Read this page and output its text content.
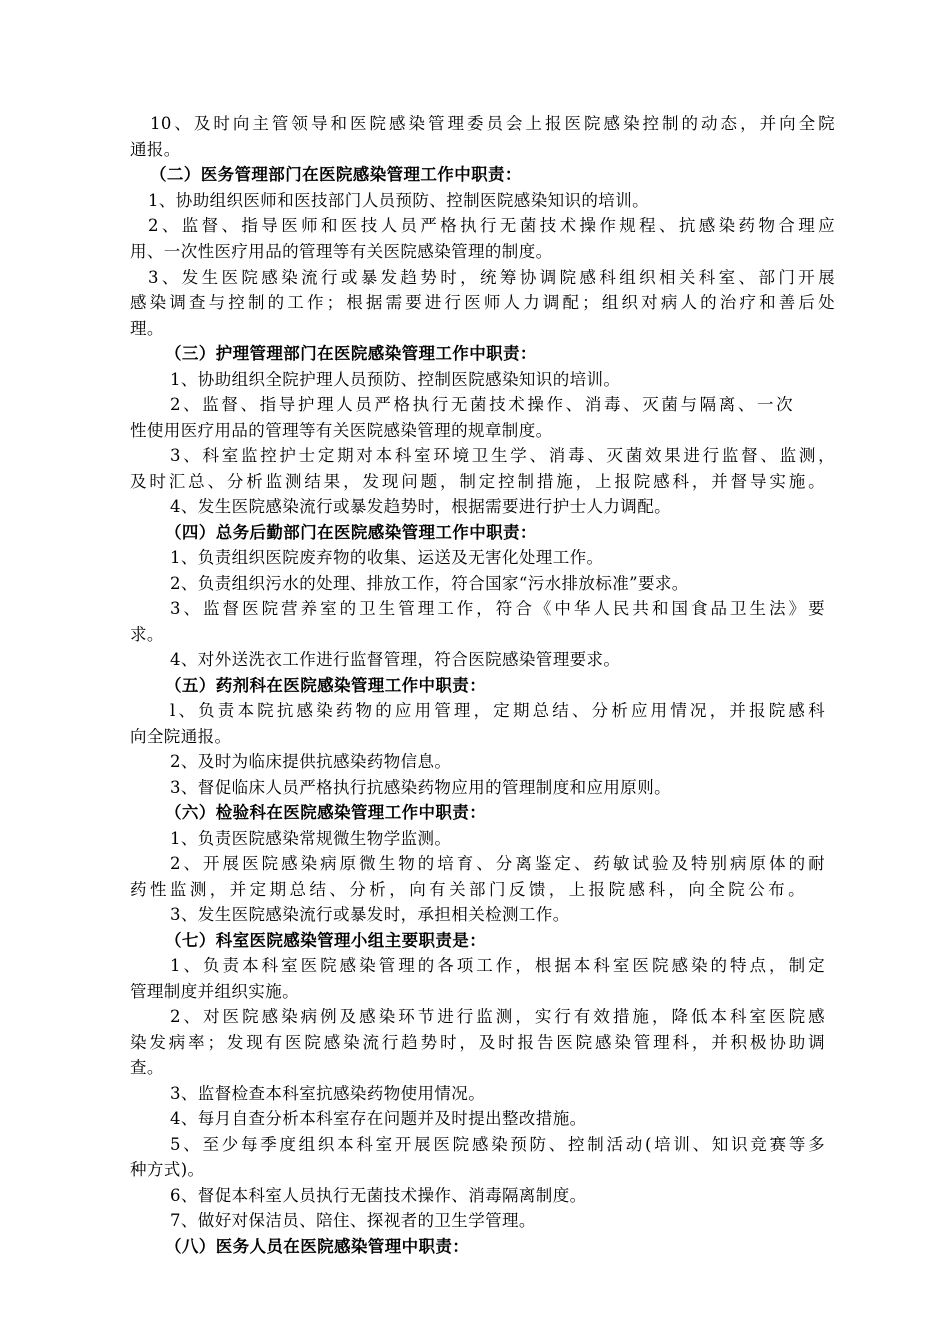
10、及时向主管领导和医院感染管理委员会上报医院感染控制的动态，并向全院
通报。
（二）医务管理部门在医院感染管理工作中职责：
1、协助组织医师和医技部门人员预防、控制医院感染知识的培训。
2、监督、指导医师和医技人员严格执行无菌技术操作规程、抗感染药物合理应
用、一次性医疗用品的管理等有关医院感染管理的制度。
3、发生医院感染流行或暴发趋势时，统筹协调院感科组织相关科室、部门开展
感染调查与控制的工作；根据需要进行医师人力调配；组织对病人的治疗和善后处
理。
（三）护理管理部门在医院感染管理工作中职责：
1、协助组织全院护理人员预防、控制医院感染知识的培训。
2、监督、指导护理人员严格执行无菌技术操作、消毒、灭菌与隔离、一次
性使用医疗用品的管理等有关医院感染管理的规章制度。
3、科室监控护士定期对本科室环境卫生学、消毒、灭菌效果进行监督、监测，
及时汇总、分析监测结果，发现问题，制定控制措施，上报院感科，并督导实施。
4、发生医院感染流行或暴发趋势时，根据需要进行护士人力调配。
（四）总务后勤部门在医院感染管理工作中职责：
1、负责组织医院废弃物的收集、运送及无害化处理工作。
2、负责组织污水的处理、排放工作，符合国家“污水排放标准”要求。
3、监督医院营养室的卫生管理工作，符合《中华人民共和国食品卫生法》要
求。
4、对外送洗衣工作进行监督管理，符合医院感染管理要求。
（五）药剂科在医院感染管理工作中职责：
l、负责本院抗感染药物的应用管理，定期总结、分析应用情况，并报院感科
向全院通报。
2、及时为临床提供抗感染药物信息。
3、督促临床人员严格执行抗感染药物应用的管理制度和应用原则。
（六）检验科在医院感染管理工作中职责：
1、负责医院感染常规微生物学监测。
2、开展医院感染病原微生物的培育、分离鉴定、药敏试验及特别病原体的耐
药性监测，并定期总结、分析，向有关部门反馈，上报院感科，向全院公布。
3、发生医院感染流行或暴发时，承担相关检测工作。
（七）科室医院感染管理小组主要职责是：
1、负责本科室医院感染管理的各项工作，根据本科室医院感染的特点，制定
管理制度并组织实施。
2、对医院感染病例及感染环节进行监测，实行有效措施，降低本科室医院感
染发病率；发现有医院感染流行趋势时，及时报告医院感染管理科，并积极协助调
查。
3、监督检查本科室抗感染药物使用情况。
4、每月自查分析本科室存在问题并及时提出整改措施。
5、至少每季度组织本科室开展医院感染预防、控制活动(培训、知识竞赛等多
种方式)。
6、督促本科室人员执行无菌技术操作、消毒隔离制度。
7、做好对保洁员、陪住、探视者的卫生学管理。
（八）医务人员在医院感染管理中职责：
